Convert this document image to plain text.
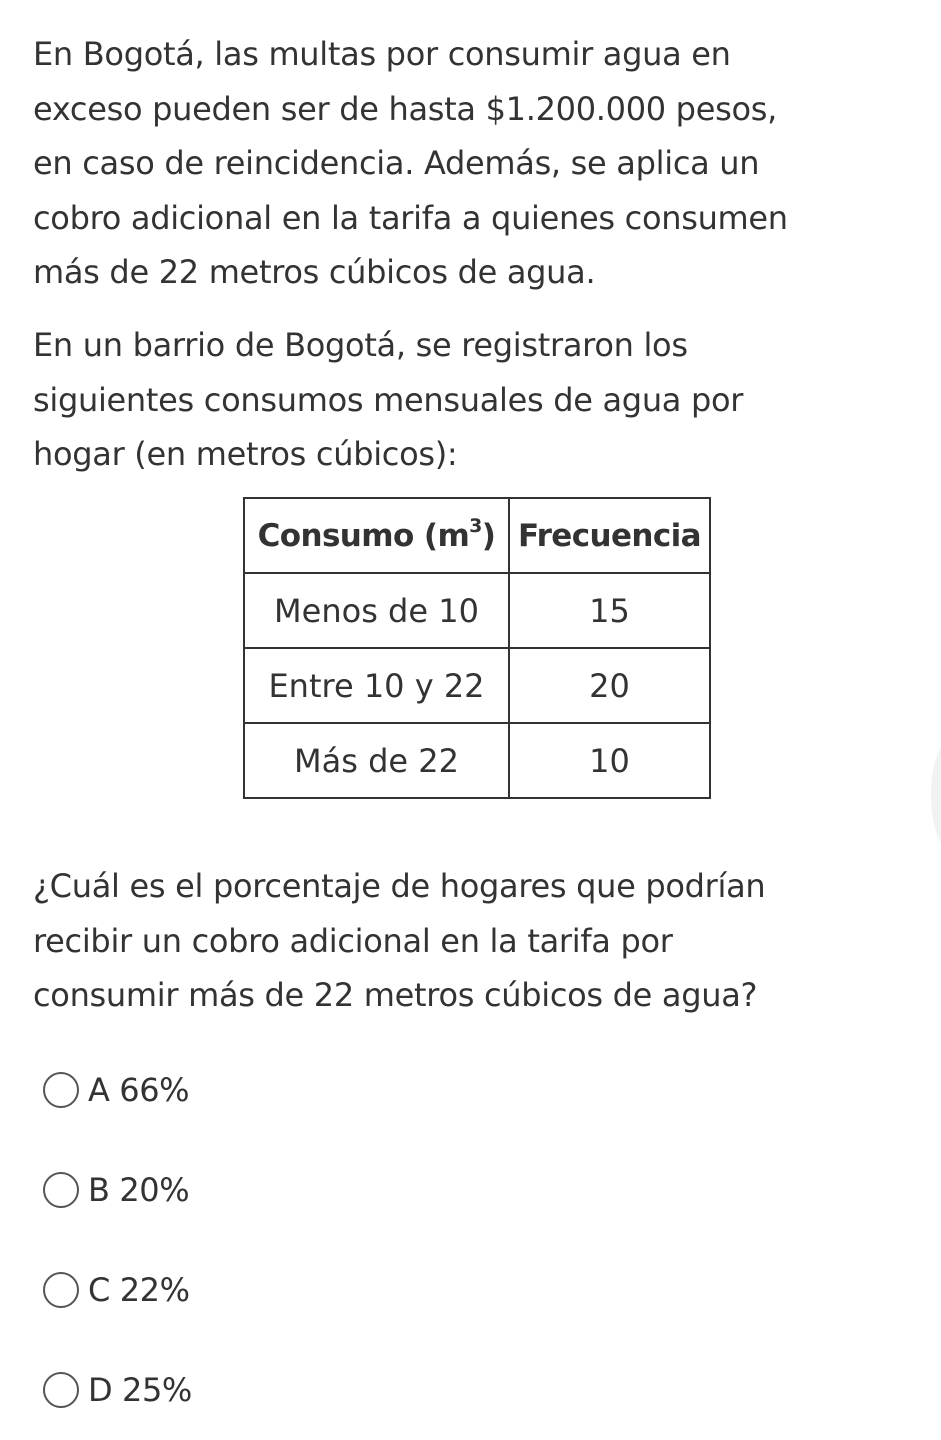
En Bogotá, las multas por consumir agua en
exceso pueden ser de hasta $1.200.000 pesos,
en caso de reincidencia. Además, se aplica un
cobro adicional en la tarifa a quienes consumen
más de 22 metros cúbicos de agua.

En un barrio de Bogotá, se registraron los
siguientes consumos mensuales de agua por
hogar (en metros cúbicos):

Consumo $(m^3)$	Frecuencia
Menos de 10	15
Entre 10 y 22	20
Más de 22	10

¿Cuál es el porcentaje de hogares que podrían
recibir un cobro adicional en la tarifa por
consumir más de 22 metros cúbicos de agua?

A 66%
B 20%
C 22%
D 25%
